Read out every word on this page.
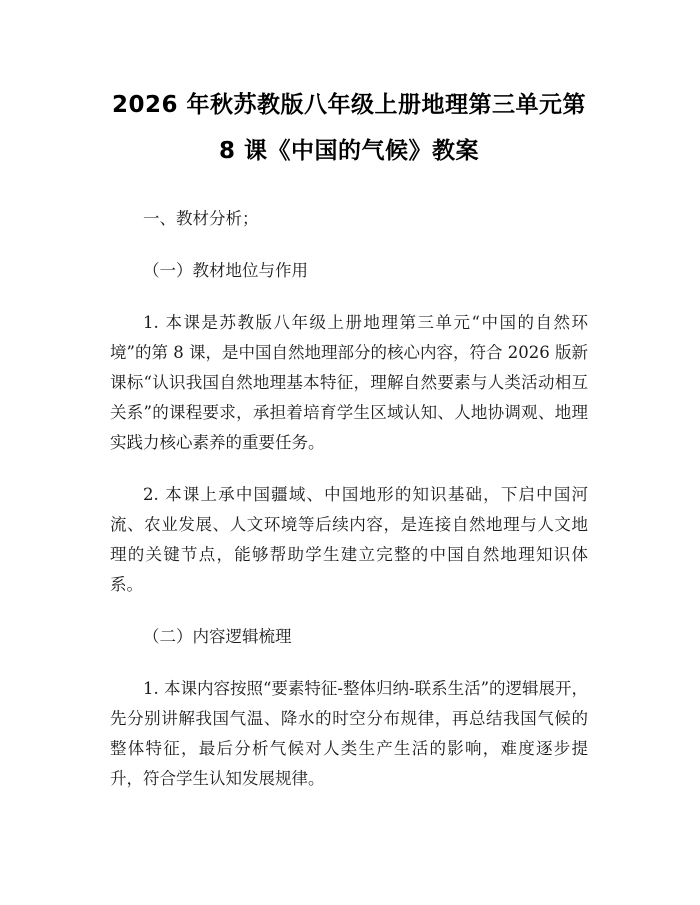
2026 年秋苏教版八年级上册地理第三单元第
8 课《中国的气候》教案

一、教材分析；

（一）教材地位与作用

1. 本课是苏教版八年级上册地理第三单元“中国的自然环境”的第 8 课，是中国自然地理部分的核心内容，符合 2026 版新课标“认识我国自然地理基本特征，理解自然要素与人类活动相互关系”的课程要求，承担着培育学生区域认知、人地协调观、地理实践力核心素养的重要任务。

2. 本课上承中国疆域、中国地形的知识基础，下启中国河流、农业发展、人文环境等后续内容，是连接自然地理与人文地理的关键节点，能够帮助学生建立完整的中国自然地理知识体系。

（二）内容逻辑梳理

1. 本课内容按照“要素特征-整体归纳-联系生活”的逻辑展开，先分别讲解我国气温、降水的时空分布规律，再总结我国气候的整体特征，最后分析气候对人类生产生活的影响，难度逐步提升，符合学生认知发展规律。
